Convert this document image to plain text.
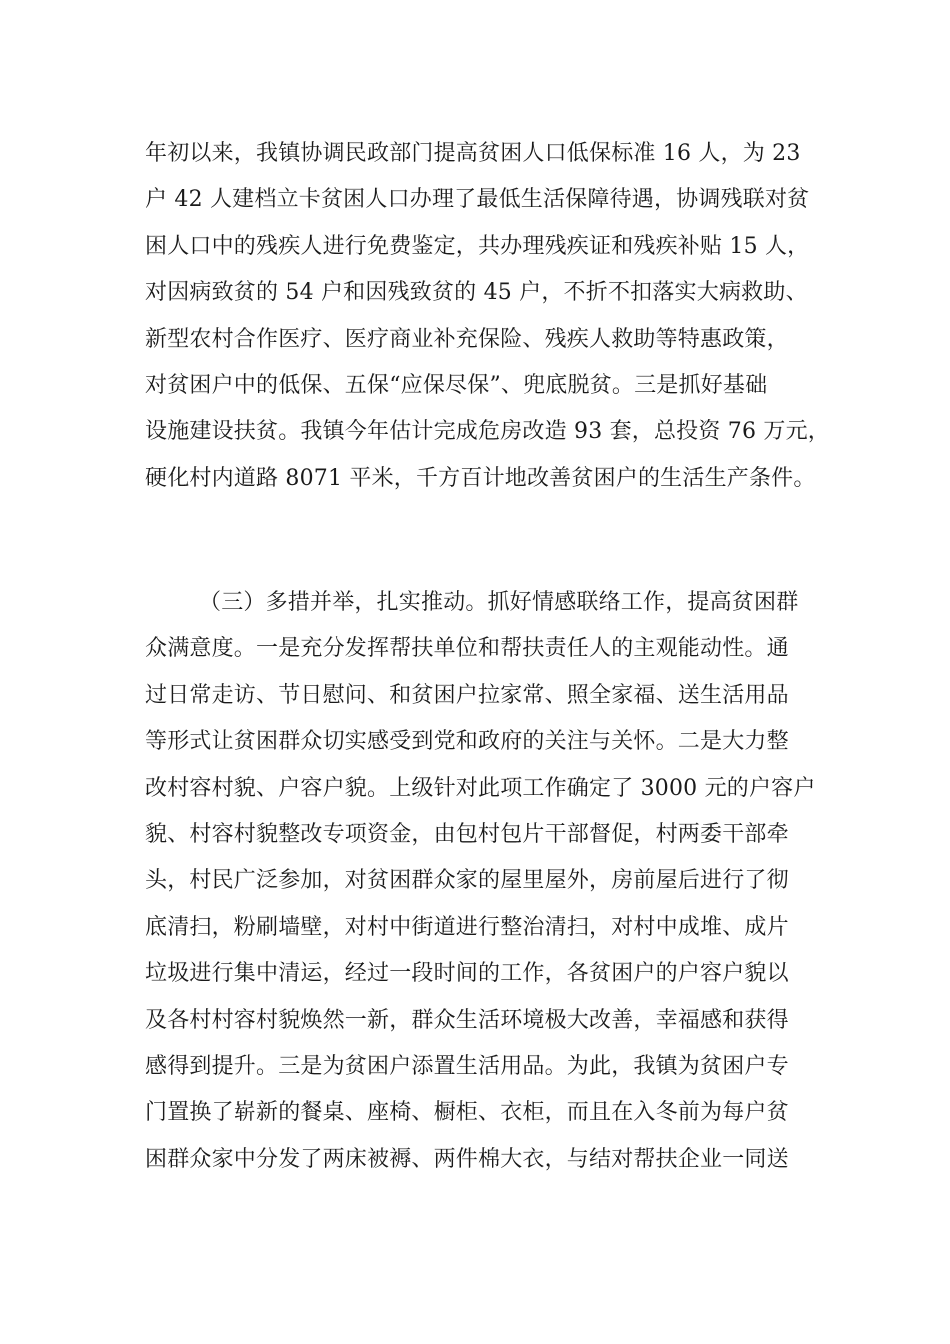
年初以来，我镇协调民政部门提高贫困人口低保标准 16 人，为 23
户 42 人建档立卡贫困人口办理了最低生活保障待遇，协调残联对贫
困人口中的残疾人进行免费鉴定，共办理残疾证和残疾补贴 15 人，
对因病致贫的 54 户和因残致贫的 45 户，不折不扣落实大病救助、
新型农村合作医疗、医疗商业补充保险、残疾人救助等特惠政策，
对贫困户中的低保、五保“应保尽保”、兜底脱贫。三是抓好基础
设施建设扶贫。我镇今年估计完成危房改造 93 套，总投资 76 万元，
硬化村内道路 8071 平米，千方百计地改善贫困户的生活生产条件。
（三）多措并举，扎实推动。抓好情感联络工作，提高贫困群
众满意度。一是充分发挥帮扶单位和帮扶责任人的主观能动性。通
过日常走访、节日慰问、和贫困户拉家常、照全家福、送生活用品
等形式让贫困群众切实感受到党和政府的关注与关怀。二是大力整
改村容村貌、户容户貌。上级针对此项工作确定了 3000 元的户容户
貌、村容村貌整改专项资金，由包村包片干部督促，村两委干部牵
头，村民广泛参加，对贫困群众家的屋里屋外，房前屋后进行了彻
底清扫，粉刷墙壁，对村中街道进行整治清扫，对村中成堆、成片
垃圾进行集中清运，经过一段时间的工作，各贫困户的户容户貌以
及各村村容村貌焕然一新，群众生活环境极大改善，幸福感和获得
感得到提升。三是为贫困户添置生活用品。为此，我镇为贫困户专
门置换了崭新的餐桌、座椅、橱柜、衣柜，而且在入冬前为每户贫
困群众家中分发了两床被褥、两件棉大衣，与结对帮扶企业一同送
